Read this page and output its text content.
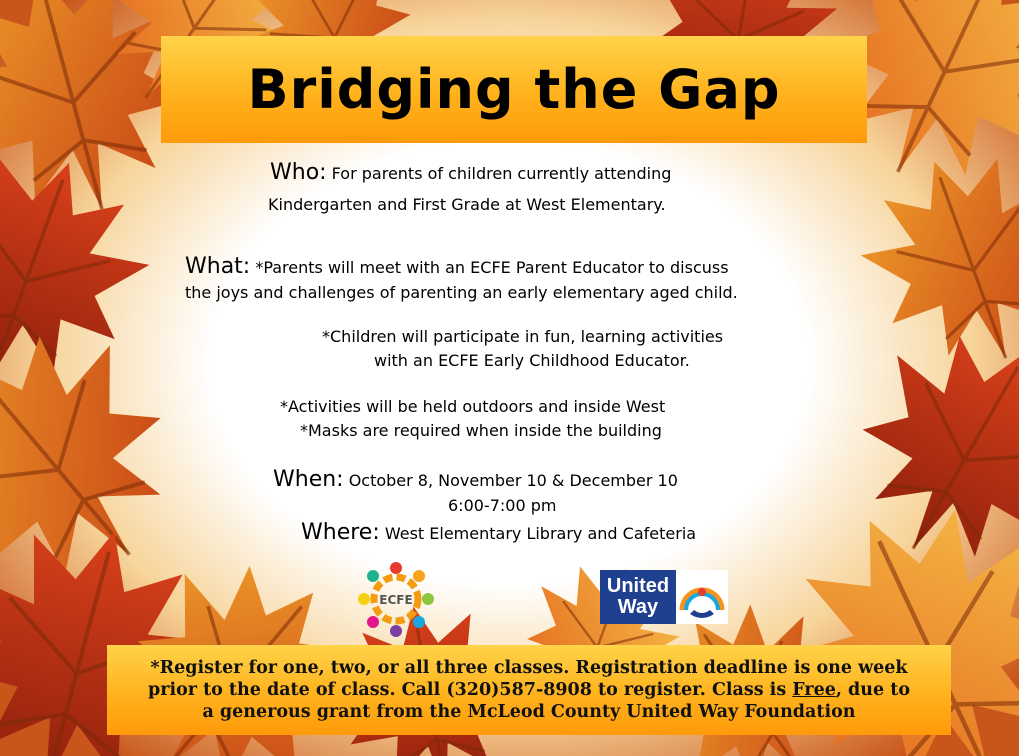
Bridging the Gap
Who: For parents of children currently attending
Kindergarten and First Grade at West Elementary.
What: *Parents will meet with an ECFE Parent Educator to discuss
the joys and challenges of parenting an early elementary aged child.
*Children will participate in fun, learning activities
with an ECFE Early Childhood Educator.
*Activities will be held outdoors and inside West
*Masks are required when inside the building
When: October 8, November 10 & December 10
6:00-7:00 pm
Where: West Elementary Library and Cafeteria
ECFE
United
Way

*Register for one, two, or all three classes. Registration deadline is one week
prior to the date of class. Call (320)587-8908 to register. Class is Free, due to
a generous grant from the McLeod County United Way Foundation
